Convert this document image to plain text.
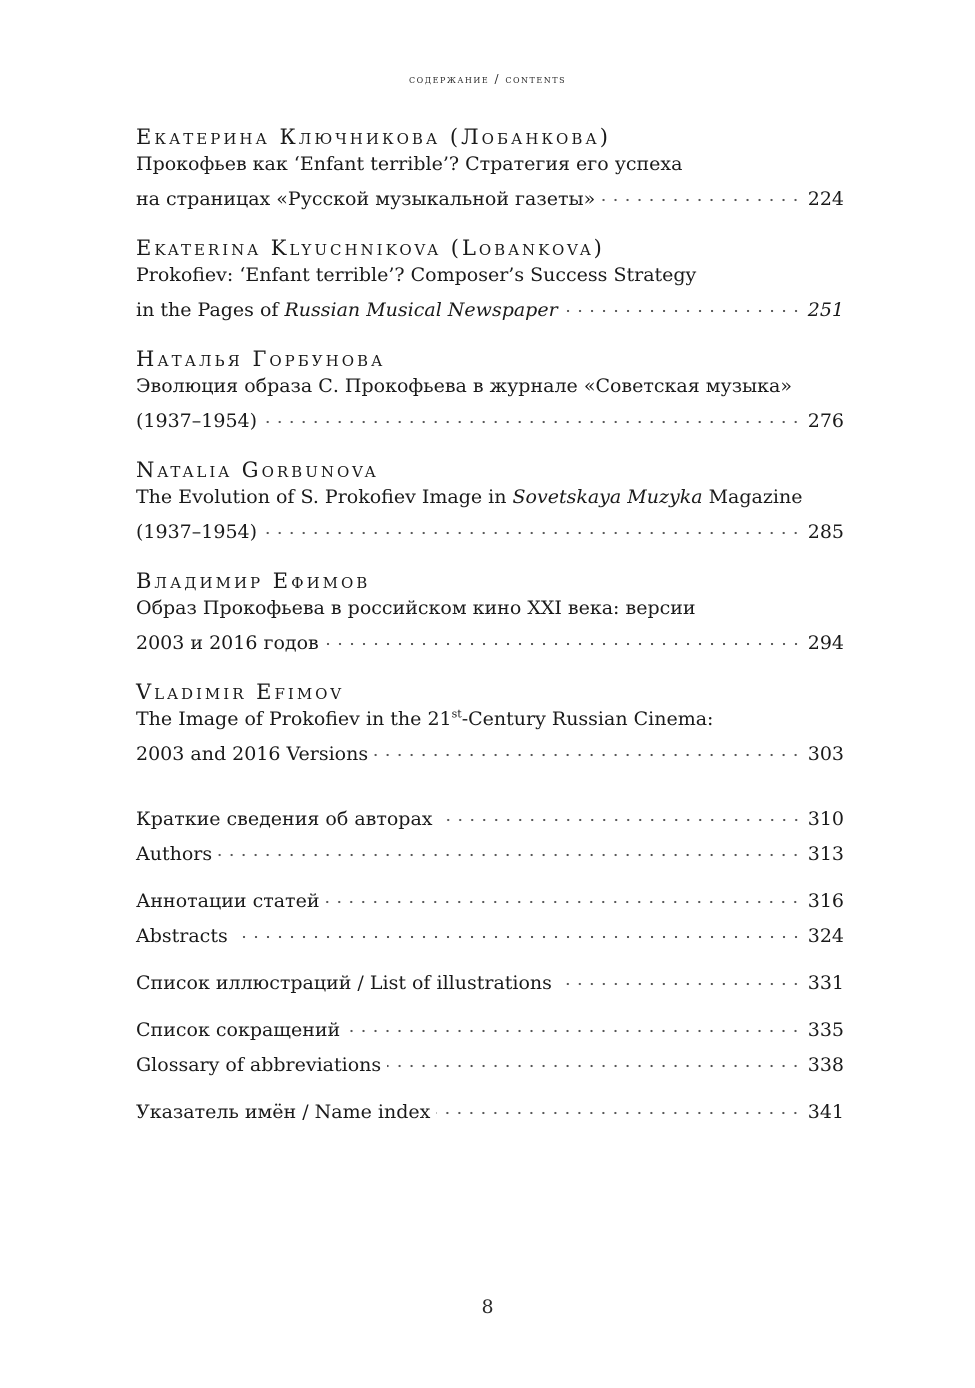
содержание / contents
Екатерина Ключникова (Лобанкова)
Прокофьев как ‘Enfant terrible’? Стратегия его успеха
на страницах «Русской музыкальной газеты»	224
Ekaterina Klyuchnikova (Lobankova)
Prokofiev: ‘Enfant terrible’? Composer’s Success Strategy
in the Pages of Russian Musical Newspaper	251
Наталья Горбунова
Эволюция образа С. Прокофьева в журнале «Советская музыка»
(1937–1954)	276
Natalia Gorbunova
The Evolution of S. Prokofiev Image in Sovetskaya Muzyka Magazine
(1937–1954)	285
Владимир Ефимов
Образ Прокофьева в российском кино XXI века: версии
2003 и 2016 годов	294
Vladimir Efimov
The Image of Prokofiev in the 21st-Century Russian Cinema:
2003 and 2016 Versions	303
Краткие сведения об авторах	310
Authors	313
Аннотации статей	316
Abstracts	324
Список иллюстраций / List of illustrations	331
Список сокращений	335
Glossary of abbreviations	338
Указатель имён / Name index	341
8
